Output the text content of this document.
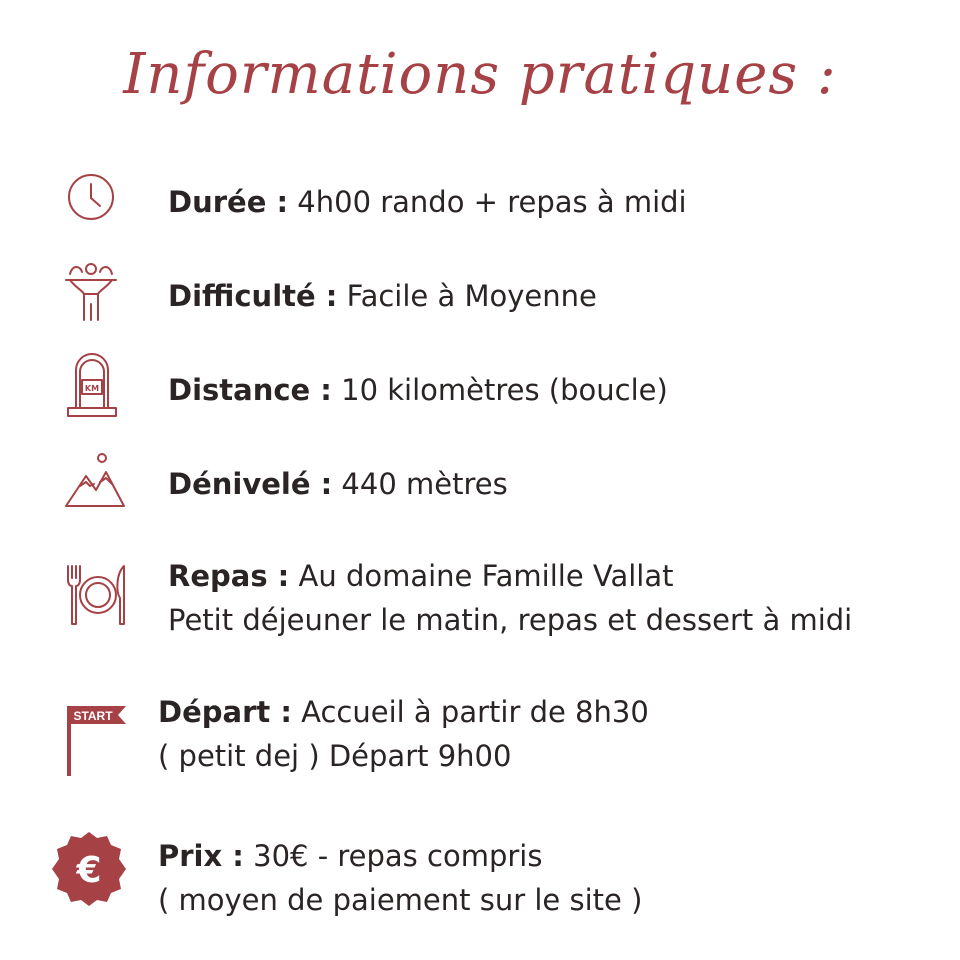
Informations pratiques :
Durée : 4h00 rando + repas à midi
Difficulté : Facile à Moyenne
KM Distance : 10 kilomètres (boucle)
Dénivelé : 440 mètres
Repas : Au domaine Famille Vallat
Petit déjeuner le matin, repas et dessert à midi
START Départ : Accueil à partir de 8h30
( petit dej ) Départ 9h00
€ Prix : 30€ - repas compris
( moyen de paiement sur le site )
